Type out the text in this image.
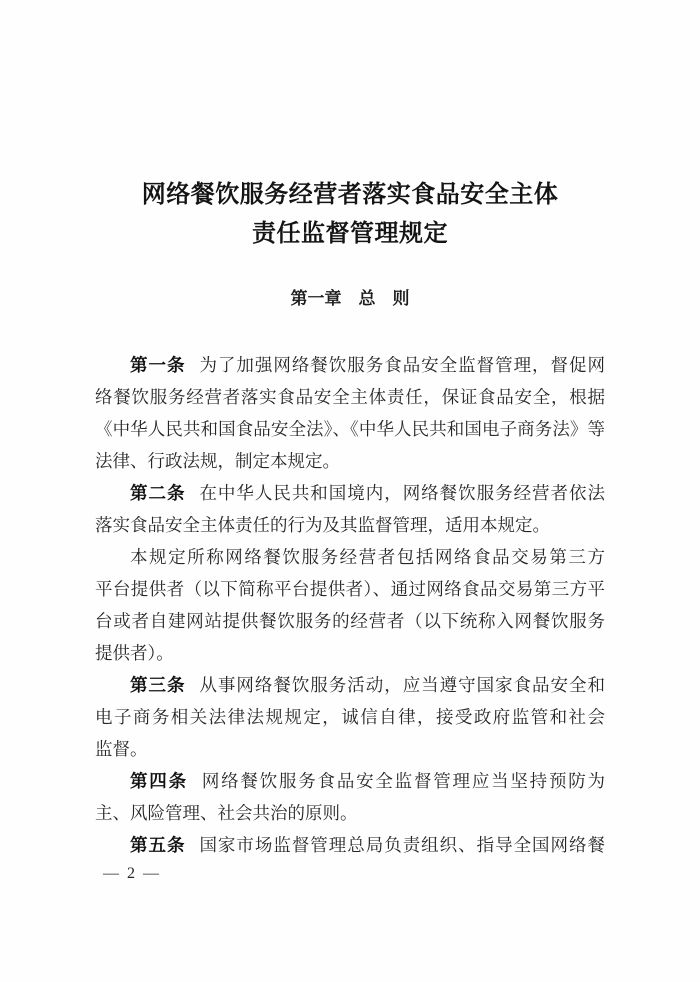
网络餐饮服务经营者落实食品安全主体
责任监督管理规定
第一章　总　则
第一条 为了加强网络餐饮服务食品安全监督管理，督促网
络餐饮服务经营者落实食品安全主体责任，保证食品安全，根据
《中华人民共和国食品安全法》、《中华人民共和国电子商务法》等
法律、行政法规，制定本规定。
第二条 在中华人民共和国境内，网络餐饮服务经营者依法
落实食品安全主体责任的行为及其监督管理，适用本规定。
本规定所称网络餐饮服务经营者包括网络食品交易第三方
平台提供者（以下简称平台提供者）、通过网络食品交易第三方平
台或者自建网站提供餐饮服务的经营者（以下统称入网餐饮服务
提供者）。
第三条 从事网络餐饮服务活动，应当遵守国家食品安全和
电子商务相关法律法规规定，诚信自律，接受政府监管和社会
监督。
第四条 网络餐饮服务食品安全监督管理应当坚持预防为
主、风险管理、社会共治的原则。
第五条 国家市场监督管理总局负责组织、指导全国网络餐
— 2 —
